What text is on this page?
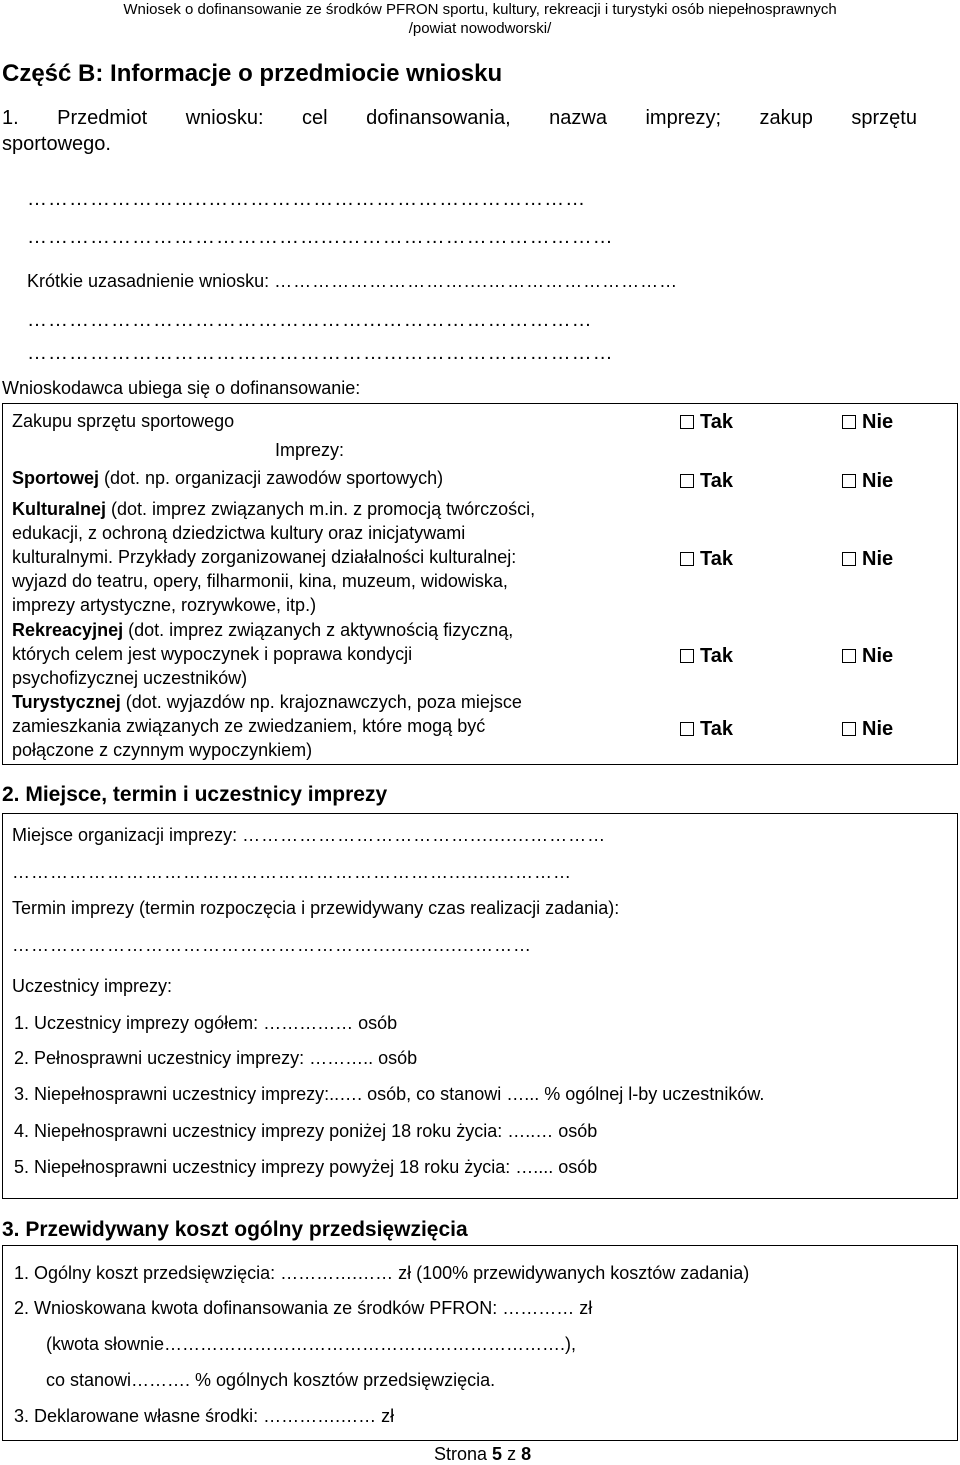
Wniosek o dofinansowanie ze środków PFRON sportu, kultury, rekreacji i turystyki osób niepełnosprawnych
/powiat nowodworski/
Część B: Informacje o przedmiocie wniosku
1. Przedmiot wniosku: cel dofinansowania, nazwa imprezy; zakup sprzętu
sportowego.
……………………..………………………………………………
……………………………………...…………………………………
Krótkie uzasadnienie wniosku: …………………………....…………………………
…………………………………………...…………………………
……………………………………………...…………………………
Wnioskodawca ubiega się o dofinansowanie:
Zakupu sprzętu sportowego	Tak	Nie
Imprezy:
Sportowej (dot. np. organizacji zawodów sportowych)	Tak	Nie
Kulturalnej (dot. imprez związanych m.in. z promocją twórczości,
edukacji, z ochroną dziedzictwa kultury oraz inicjatywami
kulturalnymi. Przykłady zorganizowanej działalności kulturalnej:
wyjazd do teatru, opery, filharmonii, kina, muzeum, widowiska,
imprezy artystyczne, rozrywkowe, itp.)
Tak	Nie
Rekreacyjnej (dot. imprez związanych z aktywnością fizyczną,
których celem jest wypoczynek i poprawa kondycji
psychofizycznej uczestników)
Tak	Nie
Turystycznej (dot. wyjazdów np. krajoznawczych, poza miejsce
zamieszkania związanych ze zwiedzaniem, które mogą być
połączone z czynnym wypoczynkiem)
Tak	Nie
2. Miejsce, termin i uczestnicy imprezy
Miejsce organizacji imprezy: ………………………………..........…………
……………………………………………………………...........………
Termin imprezy (termin rozpoczęcia i przewidywany czas realizacji zadania):
………………………………………………….................………
Uczestnicy imprezy:
1. Uczestnicy imprezy ogółem: …………… osób
2. Pełnosprawni uczestnicy imprezy: ……….. osób
3. Niepełnosprawni uczestnicy imprezy:..…. osób, co stanowi …... % ogólnej l-by uczestników.
4. Niepełnosprawni uczestnicy imprezy poniżej 18 roku życia: …..… osób
5. Niepełnosprawni uczestnicy imprezy powyżej 18 roku życia: ….... osób
3. Przewidywany koszt ogólny przedsięwzięcia
1. Ogólny koszt przedsięwzięcia: ………….…… zł (100% przewidywanych kosztów zadania)
2. Wnioskowana kwota dofinansowania ze środków PFRON: ………… zł
(kwota słownie………………………………………………………….),
co stanowi………. % ogólnych kosztów przedsięwzięcia.
3. Deklarowane własne środki: ………….…… zł
Strona 5 z 8
